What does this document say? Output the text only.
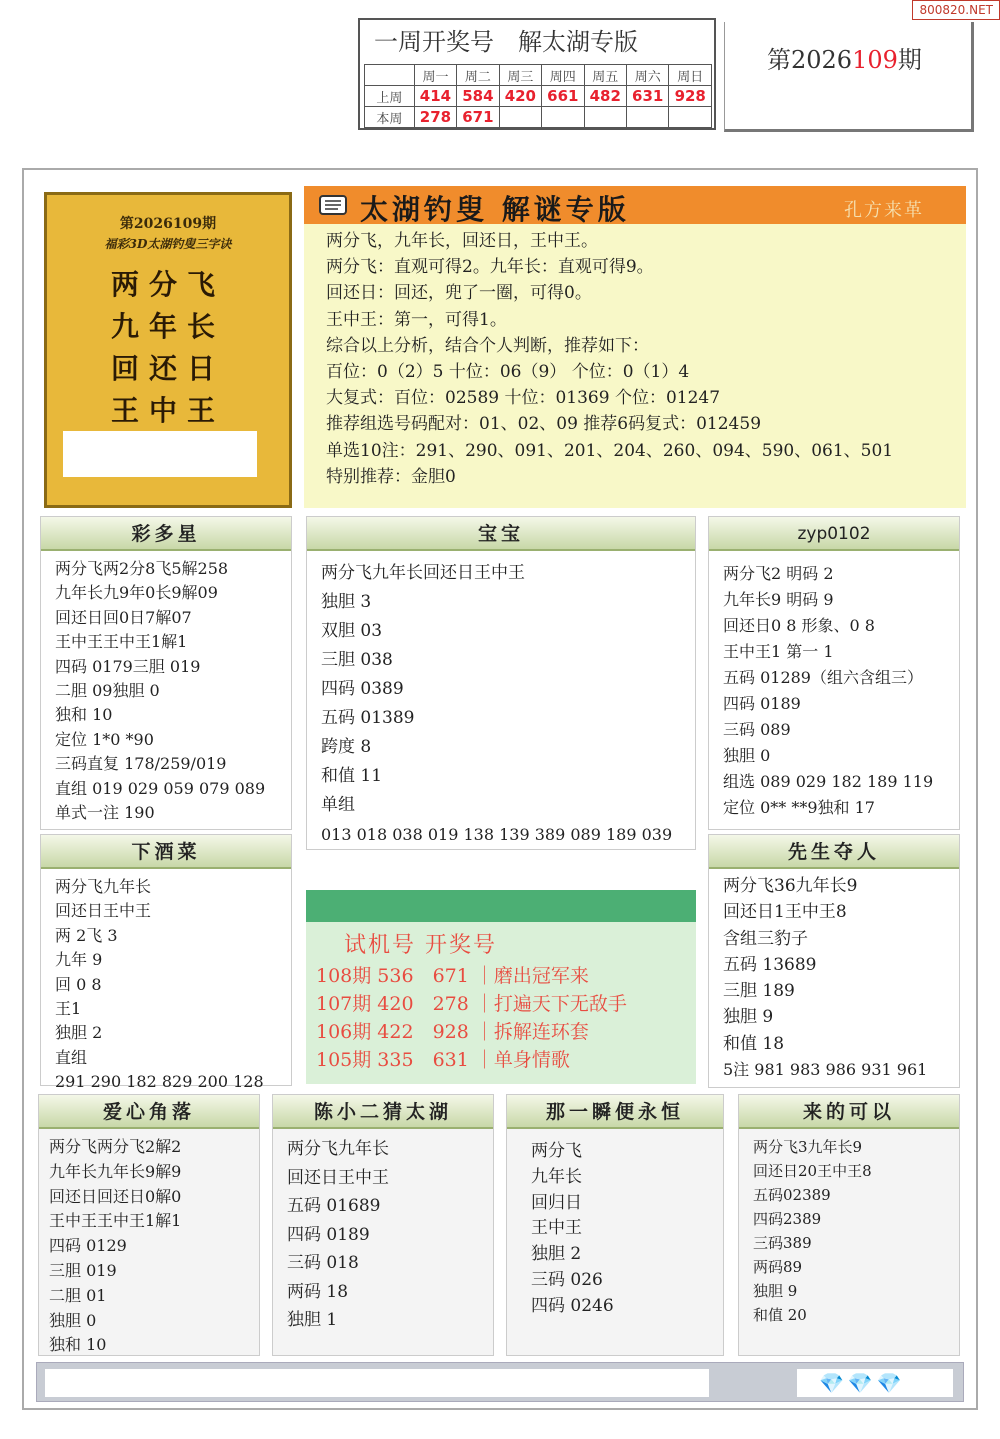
800820.NET
一周开奖号　解太湖专版
	周一	周二	周三	周四	周五	周六	周日
上周	414	584	420	661	482	631	928
本周	278	671					
第2026109期
第2026109期
福彩3D太湖钓叟三字诀
两分飞
九年长
回还日
王中王
太湖钓叟 解谜专版	孔方来革
两分飞，九年长，回还日，王中王。
两分飞：直观可得2。九年长：直观可得9。
回还日：回还，兜了一圈，可得0。
王中王：第一，可得1。
综合以上分析，结合个人判断，推荐如下：
百位：0（2）5 十位：06（9） 个位：0（1）4
大复式：百位：02589 十位：01369 个位：01247
推荐组选号码配对：01、02、09 推荐6码复式：012459
单选10注：291、290、091、201、204、260、094、590、061、501
特别推荐：金胆0
彩多星
两分飞两2分8飞5解258
九年长九9年0长9解09
回还日回0日7解07
王中王王中王1解1
四码 0179三胆 019
二胆 09独胆 0
独和 10
定位 1*0 *90
三码直复 178/259/019
直组 019 029 059 079 089
单式一注 190
宝宝
两分飞九年长回还日王中王
独胆 3
双胆 03
三胆 038
四码 0389
五码 01389
跨度 8
和值 11
单组
013 018 038 019 138 139 389 089 189 039
zyp0102
两分飞2 明码 2
九年长9 明码 9
回还日0 8 形象、0 8
王中王1 第一 1
五码 01289（组六含组三）
四码 0189
三码 089
独胆 0
组选 089 029 182 189 119
定位 0** **9独和 17
下酒菜
两分飞九年长
回还日王中王
两 2飞 3
九年 9
回 0 8
王1
独胆 2
直组
291 290 182 829 200 128
试机号 开奖号
108期 536　671 ｜磨出冠军来
107期 420　278 ｜打遍天下无敌手
106期 422　928 ｜拆解连环套
105期 335　631 ｜单身情歌
先生夺人
两分飞36九年长9
回还日1王中王8
含组三豹子
五码 13689
三胆 189
独胆 9
和值 18
5注 981 983 986 931 961
爱心角落
两分飞两分飞2解2
九年长九年长9解9
回还日回还日0解0
王中王王中王1解1
四码 0129
三胆 019
二胆 01
独胆 0
独和 10
陈小二猜太湖
两分飞九年长
回还日王中王
五码 01689
四码 0189
三码 018
两码 18
独胆 1
那一瞬便永恒
两分飞
九年长
回归日
王中王
独胆 2
三码 026
四码 0246
来的可以
两分飞3九年长9
回还日20王中王8
五码02389
四码2389
三码389
两码89
独胆 9
和值 20
💎💎💎
